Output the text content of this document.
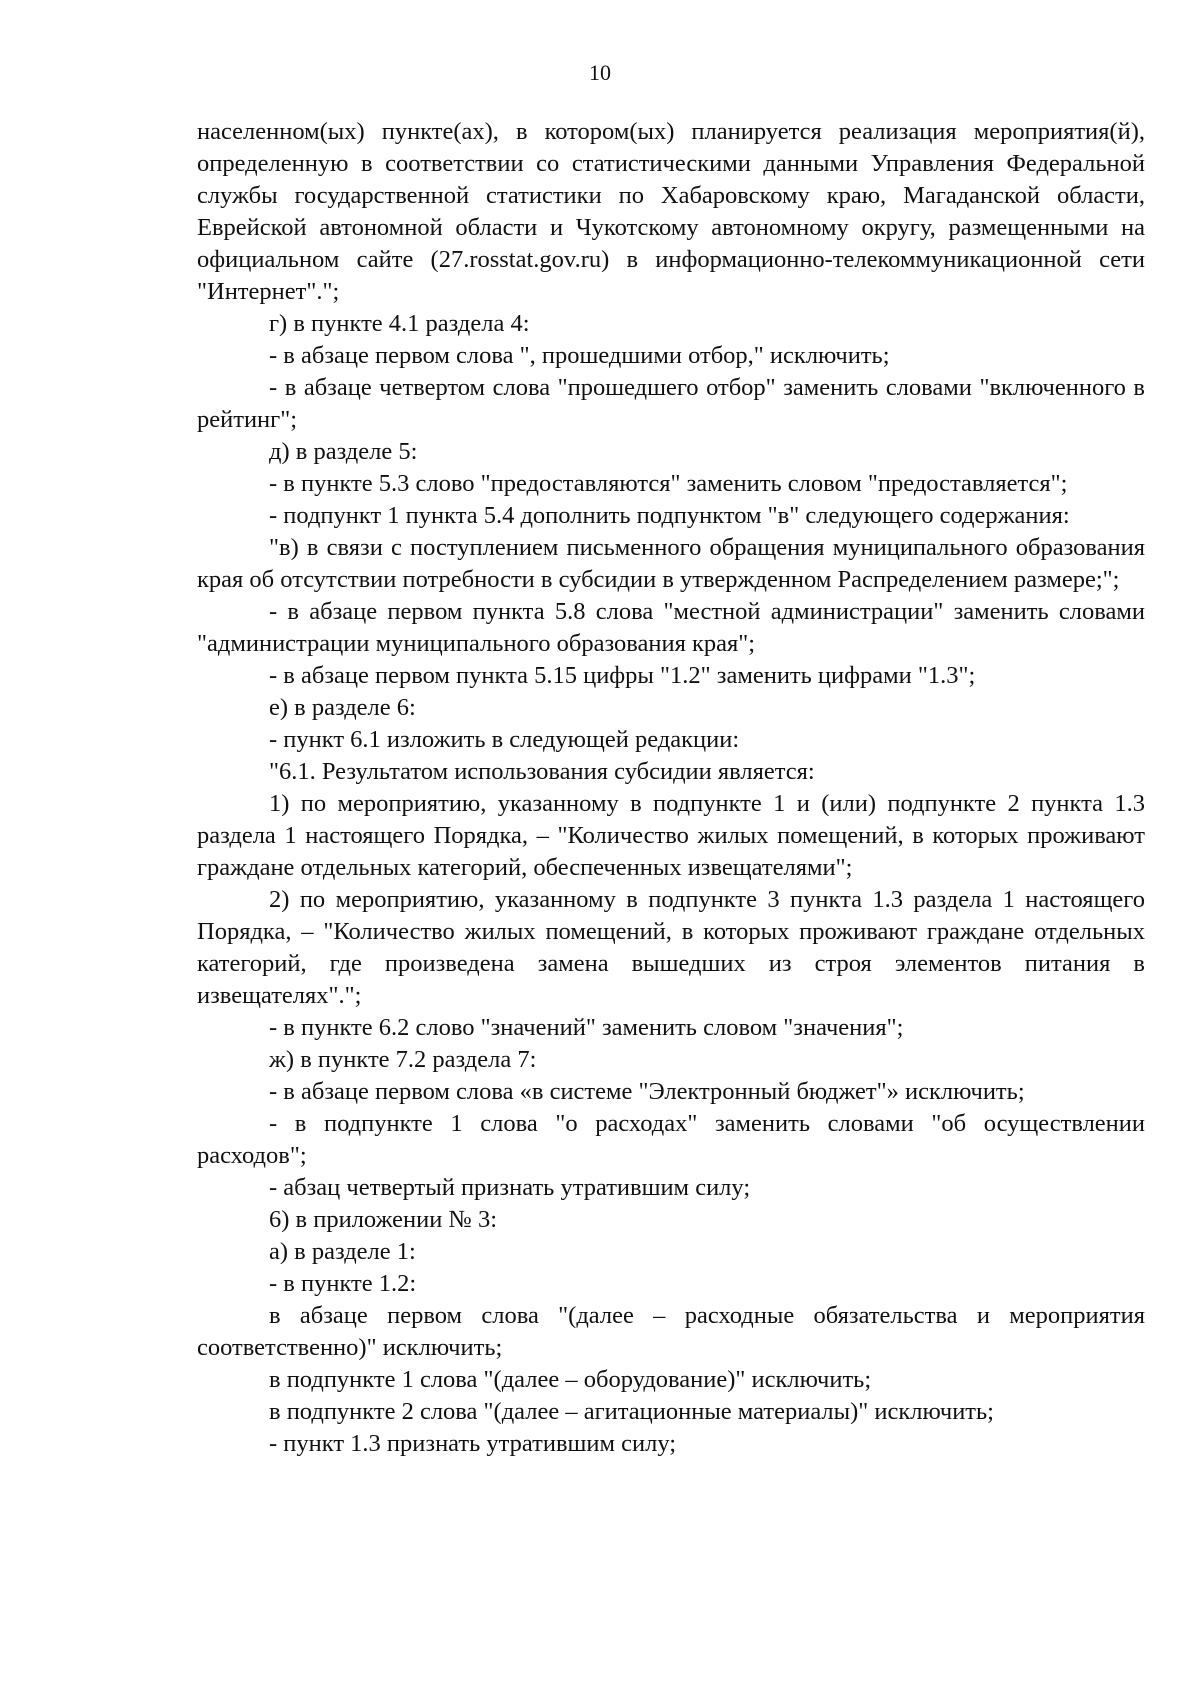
10

населенном(ых) пункте(ах), в котором(ых) планируется реализация мероприятия(й), определенную в соответствии со статистическими данными Управления Федеральной службы государственной статистики по Хабаровскому краю, Магаданской области, Еврейской автономной области и Чукотскому автономному округу, размещенными на официальном сайте (27.rosstat.gov.ru) в информационно-телекоммуникационной сети "Интернет".";

г) в пункте 4.1 раздела 4:

- в абзаце первом слова ", прошедшими отбор," исключить;

- в абзаце четвертом слова "прошедшего отбор" заменить словами "включенного в рейтинг";

д) в разделе 5:

- в пункте 5.3 слово "предоставляются" заменить словом "предоставляется";

- подпункт 1 пункта 5.4 дополнить подпунктом "в" следующего содержания:

"в) в связи с поступлением письменного обращения муниципального образования края об отсутствии потребности в субсидии в утвержденном Распределением размере;";

- в абзаце первом пункта 5.8 слова "местной администрации" заменить словами "администрации муниципального образования края";

- в абзаце первом пункта 5.15 цифры "1.2" заменить цифрами "1.3";

е) в разделе 6:

- пункт 6.1 изложить в следующей редакции:

"6.1. Результатом использования субсидии является:

1) по мероприятию, указанному в подпункте 1 и (или) подпункте 2 пункта 1.3 раздела 1 настоящего Порядка, – "Количество жилых помещений, в которых проживают граждане отдельных категорий, обеспеченных извещателями";

2) по мероприятию, указанному в подпункте 3 пункта 1.3 раздела 1 настоящего Порядка, – "Количество жилых помещений, в которых проживают граждане отдельных категорий, где произведена замена вышедших из строя элементов питания в извещателях".";

- в пункте 6.2 слово "значений" заменить словом "значения";

ж) в пункте 7.2 раздела 7:

- в абзаце первом слова «в системе "Электронный бюджет"» исключить;

- в подпункте 1 слова "о расходах" заменить словами "об осуществлении расходов";

- абзац четвертый признать утратившим силу;

6) в приложении № 3:

а) в разделе 1:

- в пункте 1.2:

в абзаце первом слова "(далее – расходные обязательства и мероприятия соответственно)" исключить;

в подпункте 1 слова "(далее – оборудование)" исключить;

в подпункте 2 слова "(далее – агитационные материалы)" исключить;

- пункт 1.3 признать утратившим силу;
